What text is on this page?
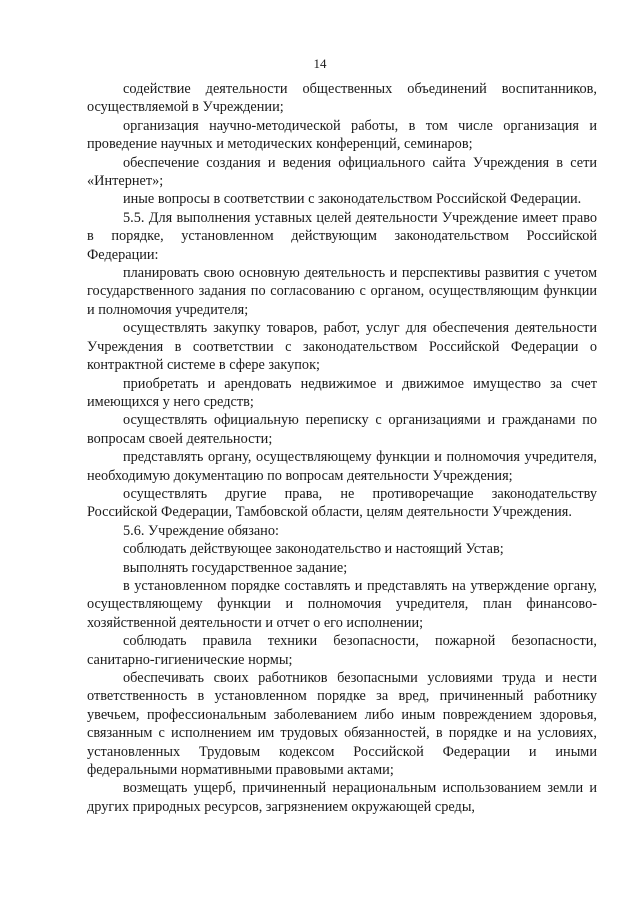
14

содействие деятельности общественных объединений воспитанников, осуществляемой в Учреждении;

организация научно-методической работы, в том числе организация и проведение научных и методических конференций, семинаров;

обеспечение создания и ведения официального сайта Учреждения в сети «Интернет»;

иные вопросы в соответствии с законодательством Российской Федерации.

5.5. Для выполнения уставных целей деятельности Учреждение имеет право в порядке, установленном действующим законодательством Российской Федерации:

планировать свою основную деятельность и перспективы развития с учетом государственного задания по согласованию с органом, осуществляющим функции и полномочия учредителя;

осуществлять закупку товаров, работ, услуг для обеспечения деятельности Учреждения в соответствии с законодательством Российской Федерации о контрактной системе в сфере закупок;

приобретать и арендовать недвижимое и движимое имущество за счет имеющихся у него средств;

осуществлять официальную переписку с организациями и гражданами по вопросам своей деятельности;

представлять органу, осуществляющему функции и полномочия учредителя, необходимую документацию по вопросам деятельности Учреждения;

осуществлять другие права, не противоречащие законодательству Российской Федерации, Тамбовской области, целям деятельности Учреждения.

5.6. Учреждение обязано:

соблюдать действующее законодательство и настоящий Устав;

выполнять государственное задание;

в установленном порядке составлять и представлять на утверждение органу, осуществляющему функции и полномочия учредителя, план финансово-хозяйственной деятельности и отчет о его исполнении;

соблюдать правила техники безопасности, пожарной безопасности, санитарно-гигиенические нормы;

обеспечивать своих работников безопасными условиями труда и нести ответственность в установленном порядке за вред, причиненный работнику увечьем, профессиональным заболеванием либо иным повреждением здоровья, связанным с исполнением им трудовых обязанностей, в порядке и на условиях, установленных Трудовым кодексом Российской Федерации и иными федеральными нормативными правовыми актами;

возмещать ущерб, причиненный нерациональным использованием земли и других природных ресурсов, загрязнением окружающей среды,
